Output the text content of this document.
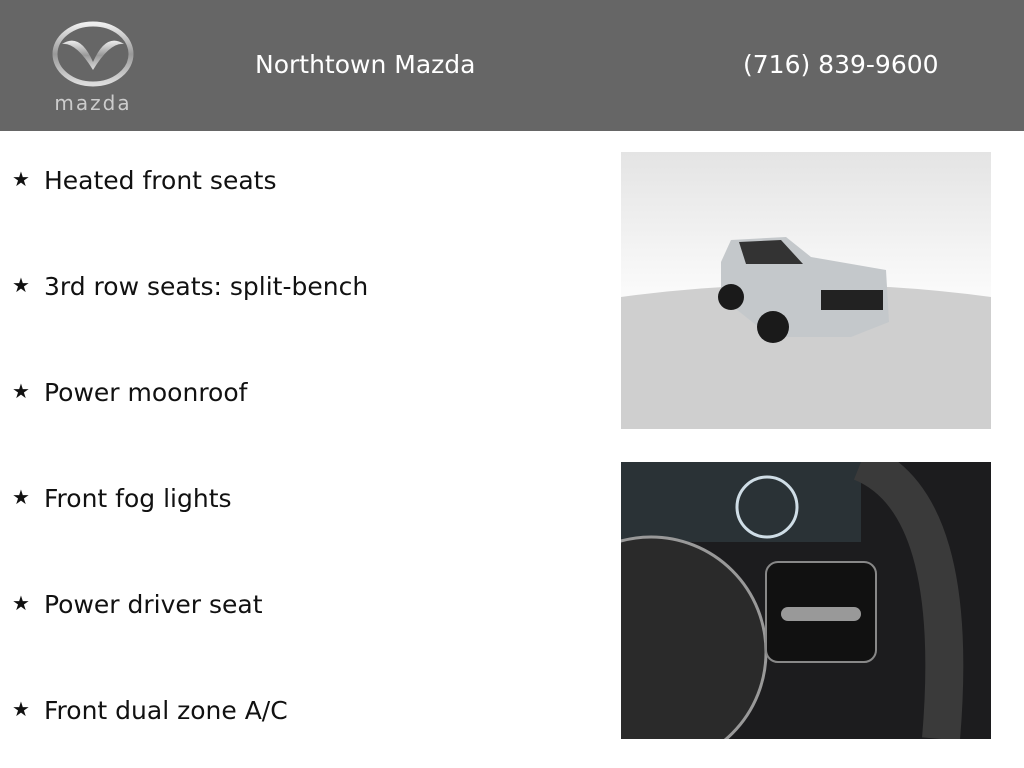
mazda
Northtown Mazda	(716) 839-9600
★ Heated front seats
★ 3rd row seats: split-bench
★ Power moonroof
★ Front fog lights
★ Power driver seat
★ Front dual zone A/C
